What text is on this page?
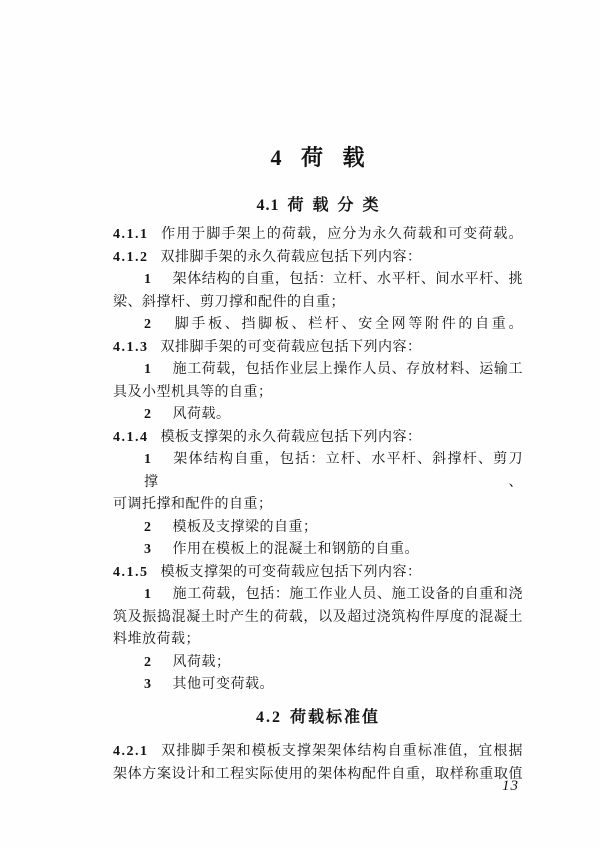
4 荷 载
4.1 荷 载 分 类
4.1.1 作用于脚手架上的荷载，应分为永久荷载和可变荷载。
4.1.2 双排脚手架的永久荷载应包括下列内容：
1 架体结构的自重，包括：立杆、水平杆、间水平杆、挑
梁、斜撑杆、剪刀撑和配件的自重；
2 脚手板、挡脚板、栏杆、安全网等附件的自重。
4.1.3 双排脚手架的可变荷载应包括下列内容：
1 施工荷载，包括作业层上操作人员、存放材料、运输工
具及小型机具等的自重；
2 风荷载。
4.1.4 模板支撑架的永久荷载应包括下列内容：
1 架体结构自重，包括：立杆、水平杆、斜撑杆、剪刀撑、
可调托撑和配件的自重；
2 模板及支撑梁的自重；
3 作用在模板上的混凝土和钢筋的自重。
4.1.5 模板支撑架的可变荷载应包括下列内容：
1 施工荷载，包括：施工作业人员、施工设备的自重和浇
筑及振捣混凝土时产生的荷载，以及超过浇筑构件厚度的混凝土
料堆放荷载；
2 风荷载；
3 其他可变荷载。
4.2 荷载标准值
4.2.1 双排脚手架和模板支撑架架体结构自重标准值，宜根据
架体方案设计和工程实际使用的架体构配件自重，取样称重取值
13
